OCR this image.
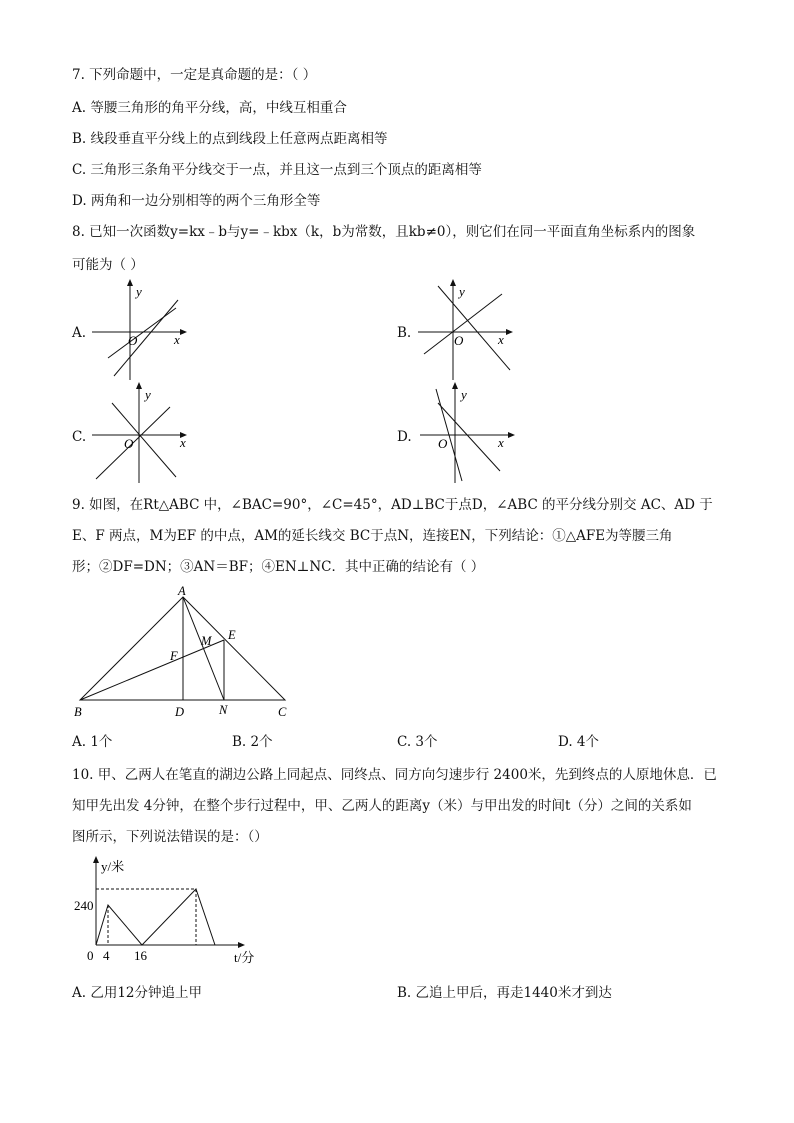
7. 下列命题中，一定是真命题的是：（ ）
A. 等腰三角形的角平分线，高，中线互相重合
B. 线段垂直平分线上的点到线段上任意两点距离相等
C. 三角形三条角平分线交于一点，并且这一点到三个顶点的距离相等
D. 两角和一边分别相等的两个三角形全等
8. 已知一次函数y=kx﹣b与y=﹣kbx（k，b为常数，且kb≠0），则它们在同一平面直角坐标系内的图象
可能为（ ）
A.
y
x
O	B.
y
x
O
C.
y
x
O	D.
y
x
O
9. 如图，在Rt△ABC 中，∠BAC=90°，∠C=45°，AD⊥BC于点D，∠ABC 的平分线分别交 AC、AD 于
E、F 两点，M为EF 的中点，AM的延长线交 BC于点N，连接EN，下列结论：①△AFE为等腰三角
形；②DF=DN；③AN＝BF；④EN⊥NC．其中正确的结论有（ ）
A
B	C
D
E
F
M
N
A. 1个	B. 2个	C. 3个	D. 4个
10. 甲、乙两人在笔直的湖边公路上同起点、同终点、同方向匀速步行 2400米，先到终点的人原地休息．已
知甲先出发 4分钟，在整个步行过程中，甲、乙两人的距离y（米）与甲出发的时间t（分）之间的关系如
图所示，下列说法错误的是：（）
y/米
t/分
240
0 4 16
A. 乙用12分钟追上甲	B. 乙追上甲后，再走1440米才到达
